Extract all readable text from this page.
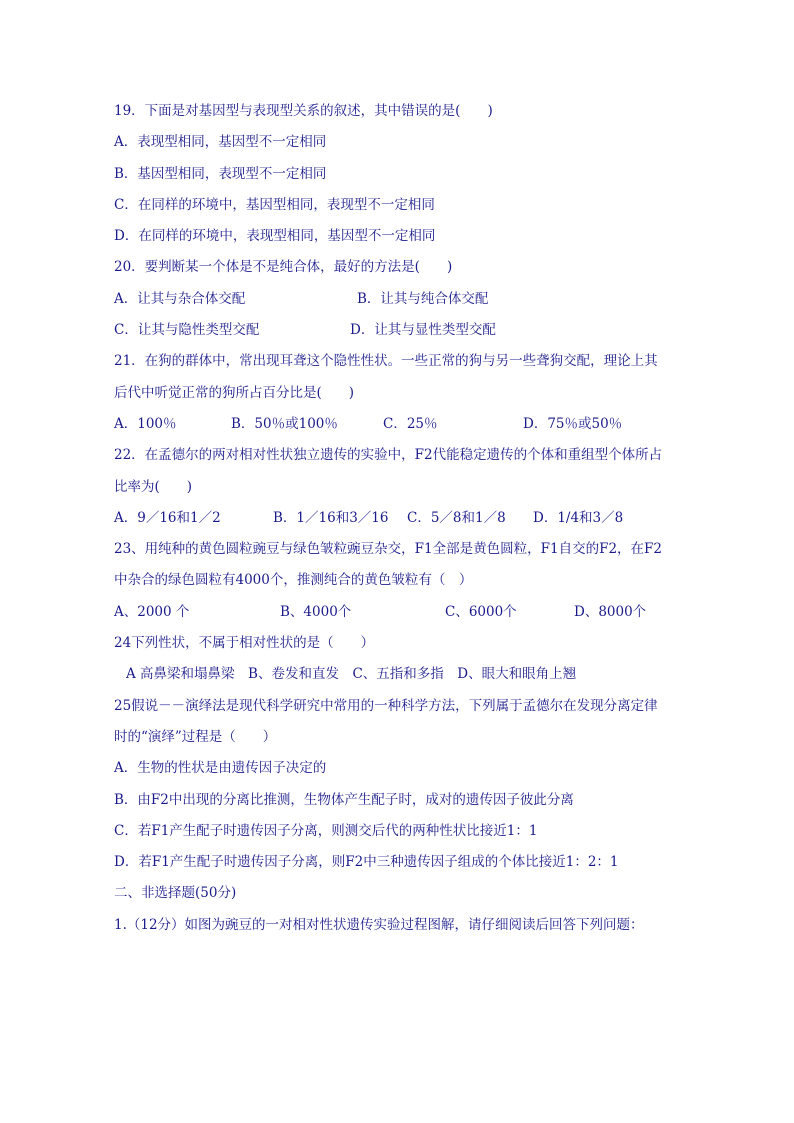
19．下面是对基因型与表现型关系的叙述，其中错误的是(　　)
A．表现型相同，基因型不一定相同
B．基因型相同，表现型不一定相同
C．在同样的环境中，基因型相同，表现型不一定相同
D．在同样的环境中，表现型相同，基因型不一定相同
20．要判断某一个体是不是纯合体，最好的方法是(　　)
A．让其与杂合体交配	B．让其与纯合体交配
C．让其与隐性类型交配	D．让其与显性类型交配
21．在狗的群体中，常出现耳聋这个隐性性状。一些正常的狗与另一些聋狗交配，理论上其
后代中听觉正常的狗所占百分比是(　　)
A．100％	B．50％或100％	C．25％	D．75％或50％
22．在孟德尔的两对相对性状独立遗传的实验中，F2代能稳定遗传的个体和重组型个体所占
比率为(　　)
A．9／16和1／2	B．1／16和3／16 C．5／8和1／8 D．1/4和3／8
23、用纯种的黄色圆粒豌豆与绿色皱粒豌豆杂交，F1全部是黄色圆粒，F1自交的F2，在F2
中杂合的绿色圆粒有4000个，推测纯合的黄色皱粒有（　）
A、2000 个	B、4000个	C、6000个	D、8000个
24下列性状，不属于相对性状的是（　　）
A 高鼻梁和塌鼻梁　B、卷发和直发　C、五指和多指　D、眼大和眼角上翘
25假说－－演绎法是现代科学研究中常用的一种科学方法，下列属于孟德尔在发现分离定律
时的“演绎”过程是（　　）
A．生物的性状是由遗传因子决定的
B．由F2中出现的分离比推测，生物体产生配子时，成对的遗传因子彼此分离
C．若F1产生配子时遗传因子分离，则测交后代的两种性状比接近1：1
D．若F1产生配子时遗传因子分离，则F2中三种遗传因子组成的个体比接近1：2：1
二、非选择题(50分)
1.（12分）如图为豌豆的一对相对性状遗传实验过程图解，请仔细阅读后回答下列问题：
